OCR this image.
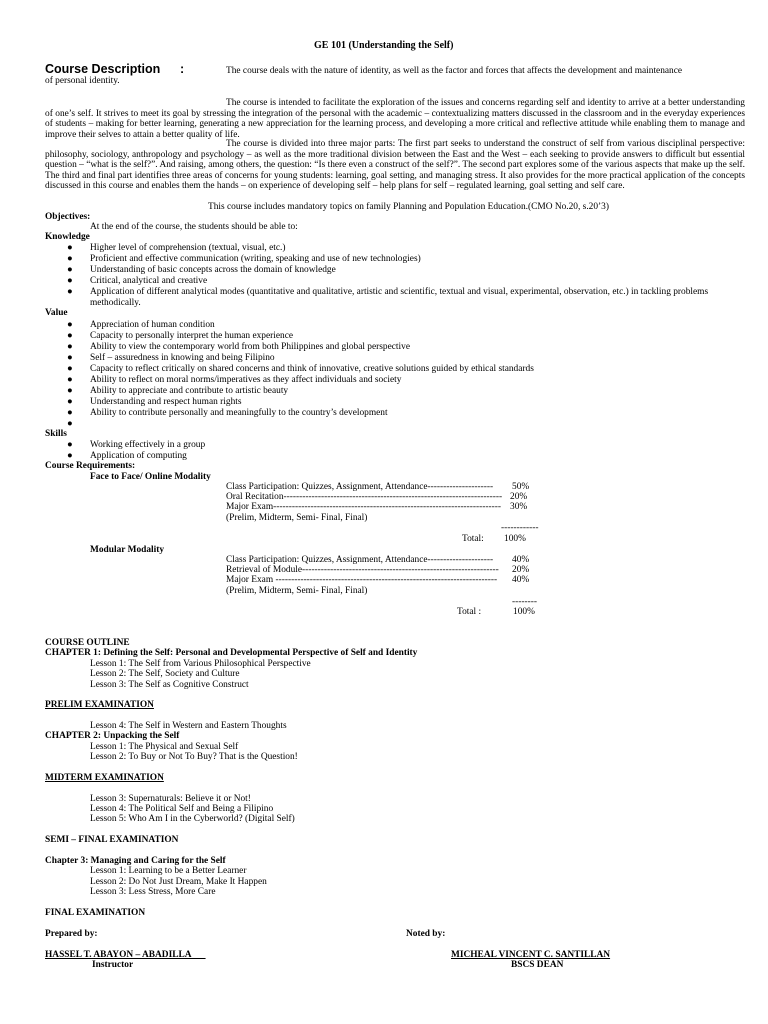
GE 101 (Understanding the Self)
Course Description :	The course deals with the nature of identity, as well as the factor and forces that affects the development and maintenance
of personal identity.

The course is intended to facilitate the exploration of the issues and concerns regarding self and identity to arrive at a better understanding of one’s self. It strives to meet its goal by stressing the integration of the personal with the academic – contextualizing matters discussed in the classroom and in the everyday experiences of students – making for better learning, generating a new appreciation for the learning process, and developing a more critical and reflective attitude while enabling them to manage and improve their selves to attain a better quality of life.

The course is divided into three major parts: The first part seeks to understand the construct of self from various disciplinal perspective: philosophy, sociology, anthropology and psychology – as well as the more traditional division between the East and the West – each seeking to provide answers to difficult but essential question – “what is the self?”. And raising, among others, the question: “Is there even a construct of the self?”. The second part explores some of the various aspects that make up the self. The third and final part identifies three areas of concerns for young students: learning, goal setting, and managing stress. It also provides for the more practical application of the concepts discussed in this course and enables them the hands – on experience of developing self – help plans for self – regulated learning, goal setting and self care.

This course includes mandatory topics on family Planning and Population Education.(CMO No.20, s.20’3)
Objectives:
At the end of the course, the students should be able to:
Knowledge
● Higher level of comprehension (textual, visual, etc.)
● Proficient and effective communication (writing, speaking and use of new technologies)
● Understanding of basic concepts across the domain of knowledge
● Critical, analytical and creative
● Application of different analytical modes (quantitative and qualitative, artistic and scientific, textual and visual, experimental, observation, etc.) in tackling problems methodically.
Value
● Appreciation of human condition
● Capacity to personally interpret the human experience
● Ability to view the contemporary world from both Philippines and global perspective
● Self – assuredness in knowing and being Filipino
● Capacity to reflect critically on shared concerns and think of innovative, creative solutions guided by ethical standards
● Ability to reflect on moral norms/imperatives as they affect individuals and society
● Ability to appreciate and contribute to artistic beauty
● Understanding and respect human rights
● Ability to contribute personally and meaningfully to the country’s development
●
Skills
● Working effectively in a group
● Application of computing
Course Requirements:
Face to Face/ Online Modality
Class Participation: Quizzes, Assignment, Attendance--------------------- 50%
Oral Recitation---------------------------------------------------------------------- 20%
Major Exam------------------------------------------------------------------------- 30%
(Prelim, Midterm, Semi- Final, Final)
------------
Total: 100%
Modular Modality
Class Participation: Quizzes, Assignment, Attendance--------------------- 40%
Retrieval of Module--------------------------------------------------------------- 20%
Major Exam ----------------------------------------------------------------------- 40%
(Prelim, Midterm, Semi- Final, Final)
--------
Total :	100%
COURSE OUTLINE
CHAPTER 1: Defining the Self: Personal and Developmental Perspective of Self and Identity
Lesson 1: The Self from Various Philosophical Perspective
Lesson 2: The Self, Society and Culture
Lesson 3: The Self as Cognitive Construct
PRELIM EXAMINATION
Lesson 4: The Self in Western and Eastern Thoughts
CHAPTER 2: Unpacking the Self
Lesson 1: The Physical and Sexual Self
Lesson 2: To Buy or Not To Buy? That is the Question!
MIDTERM EXAMINATION
Lesson 3: Supernaturals: Believe it or Not!
Lesson 4: The Political Self and Being a Filipino
Lesson 5: Who Am I in the Cyberworld? (Digital Self)
SEMI – FINAL EXAMINATION
Chapter 3: Managing and Caring for the Self
Lesson 1: Learning to be a Better Learner
Lesson 2: Do Not Just Dream, Make It Happen
Lesson 3: Less Stress, More Care
FINAL EXAMINATION
Prepared by:	Noted by:
HASSEL T. ABAYON – ABADILLA
Instructor
MICHEAL VINCENT C. SANTILLAN
BSCS DEAN
